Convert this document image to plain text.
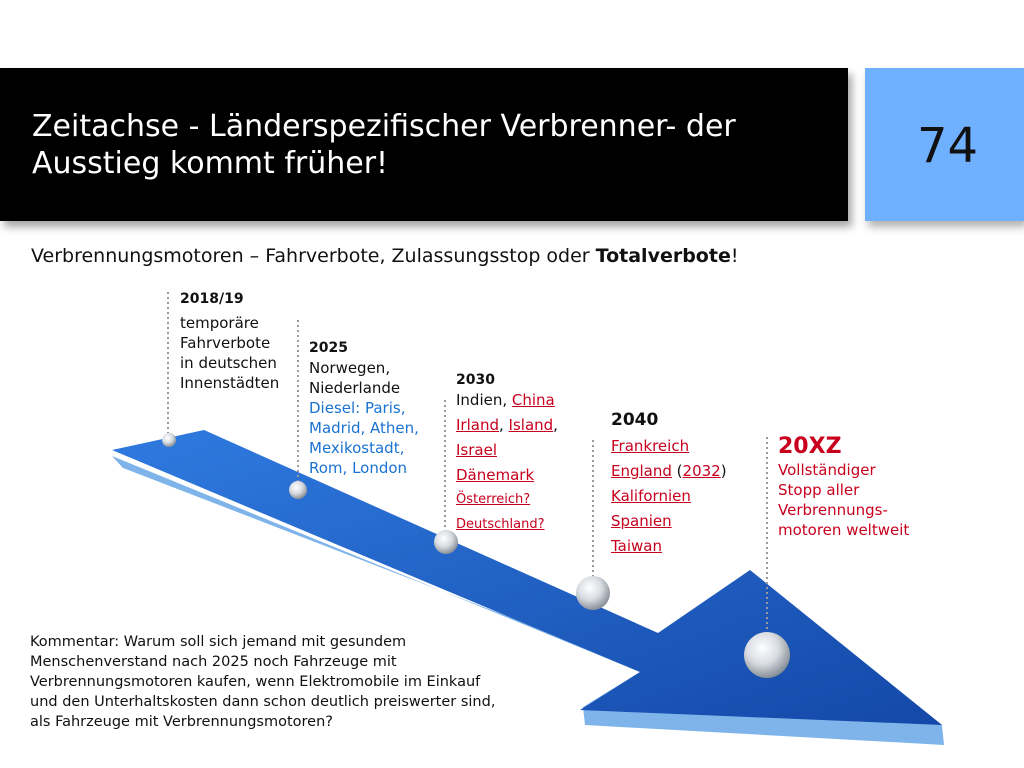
Zeitachse - Länderspezifischer Verbrenner- der Ausstieg kommt früher!	74
Verbrennungsmotoren – Fahrverbote, Zulassungsstop oder Totalverbote!
2018/19
temporäre
Fahrverbote
in deutschen
Innenstädten
2025
Norwegen,
Niederlande
Diesel: Paris,
Madrid, Athen,
Mexikostadt,
Rom, London
2030
Indien, China
Irland, Island,
Israel
Dänemark
Österreich?
Deutschland?
2040
Frankreich
England (2032)
Kalifornien
Spanien
Taiwan
20XZ
Vollständiger
Stopp aller
Verbrennungs-
motoren weltweit
Kommentar: Warum soll sich jemand mit gesundem Menschenverstand nach 2025 noch Fahrzeuge mit Verbrennungsmotoren kaufen, wenn Elektromobile im Einkauf und den Unterhaltskosten dann schon deutlich preiswerter sind, als Fahrzeuge mit Verbrennungsmotoren?
